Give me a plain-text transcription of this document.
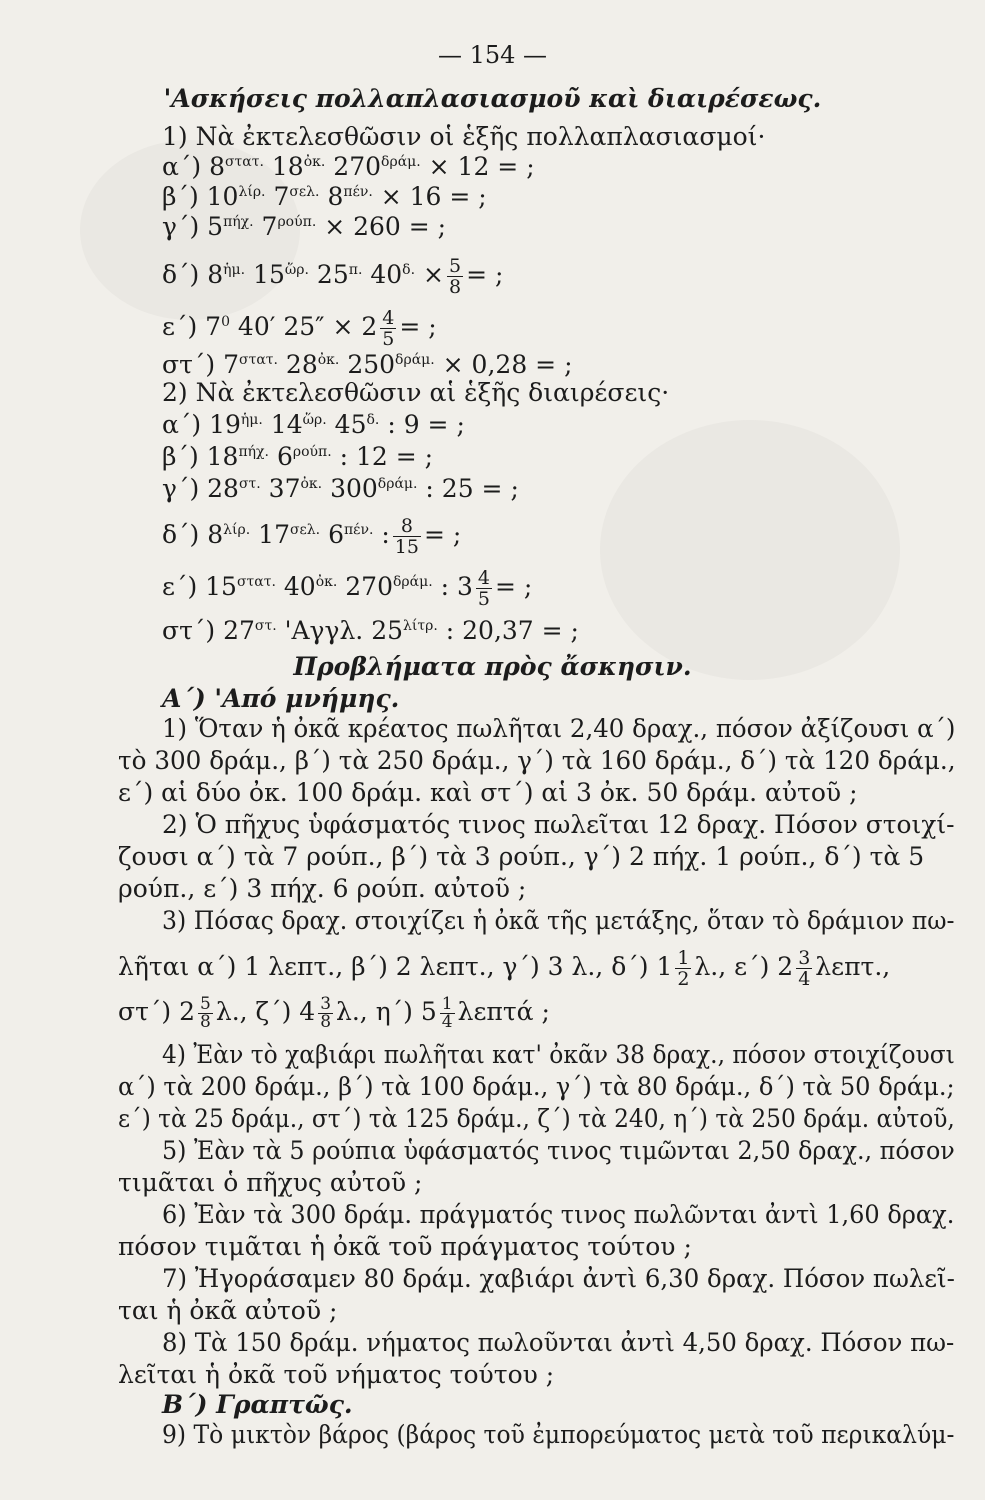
— 154 —
'Ασκήσεις πολλαπλασιασμοῦ καὶ διαιρέσεως.
1) Νὰ ἐκτελεσθῶσιν οἱ ἑξῆς πολλαπλασιασμοί·
α΄) $8^{\sigma\tau\alpha\tau.}$ $18^{ὀ\kappa.}$ $270^{\delta\rho ά\mu.} \times 12$ = ;
β΄) $10^{\lambda ί\rho.}$ $7^{\sigma\varepsilon\lambda.}$ $8^{\pi έ\nu.} \times 16$ = ;
γ΄) $5^{\pi ή\chi.}$ $7^{\rho oύ\pi.} \times 260$ = ;
δ΄) $8^{ἡ\mu.}$ $15^{ὥ\rho.}$ $25^{\pi.}$ $40^{\delta.} \times \frac{5}{8}$ = ;
ε΄) $7^0$ 40′ $25'' \times 2 \frac{4}{5}$ = ;
στ΄) $7^{\sigma\tau\alpha\tau.}$ $28^{ὀ\kappa.}$ $250^{\delta\rho ά\mu.} \times 0,28$ = ;
2) Νὰ ἐκτελεσθῶσιν αἱ ἑξῆς διαιρέσεις·
α΄) $19^{ἡ\mu.}$ $14^{ὥ\rho.}$ $45^{\delta.}$ : 9 = ;
β΄) $18^{\pi ή\chi.}$ $6^{\rho oύ\pi.}$ : 12 = ;
γ΄) $28^{\sigma\tau.}$ $37^{ὀ\kappa.}$ $300^{\delta\rho ά\mu.}$ : 25 = ;
δ΄) $8^{\lambda ί\rho.}$ $17^{\sigma\varepsilon\lambda.}$ $6^{\pi έ\nu.}$ : $\frac{8}{15}$ = ;
ε΄) $15^{\sigma\tau\alpha\tau.}$ $40^{ὀ\kappa.}$ $270^{\delta\rho ά\mu.}$ : $3 \frac{4}{5}$ = ;
στ΄) $27^{\sigma\tau.}$ 'Αγγλ. $25^{\lambda ί\tau\rho.}$ : 20,37 = ;
Προβλήματα πρὸς ἄσκησιν.
Α΄) 'Από μνήμης.
1) Ὅταν ἡ ὀκᾶ κρέατος πωλῆται 2,40 δραχ., πόσον ἀξίζουσι α΄)
τὸ 300 δράμ., β΄) τὰ 250 δράμ., γ΄) τὰ 160 δράμ., δ΄) τὰ 120 δράμ.,
ε΄) αἱ δύο ὀκ. 100 δράμ. καὶ στ΄) αἱ 3 ὀκ. 50 δράμ. αὐτοῦ ;
2) Ὁ πῆχυς ὑφάσματός τινος πωλεῖται 12 δραχ. Πόσον στοιχί-
ζουσι α΄) τὰ 7 ρούπ., β΄) τὰ 3 ρούπ., γ΄) 2 πήχ. 1 ρούπ., δ΄) τὰ 5
ρούπ., ε΄) 3 πήχ. 6 ρούπ. αὐτοῦ ;
3) Πόσας δραχ. στοιχίζει ἡ ὀκᾶ τῆς μετάξης, ὅταν τὸ δράμιον πω-
λῆται α΄) 1 λεπτ., β΄) 2 λεπτ., γ΄) 3 λ., δ΄) $1 \frac{1}{2} \lambda$., ε΄) $2 \frac{3}{4} \lambda\varepsilon\pi\tau$.,
στ΄) $2 \frac{5}{8} \lambda$., ζ΄) $4 \frac{3}{8} \lambda$., η΄) $5 \frac{1}{4}$ λεπτά ;
4) Ἐὰν τὸ χαβιάρι πωλῆται κατ' ὀκᾶν 38 δραχ., πόσον στοιχίζουσι
α΄) τὰ 200 δράμ., β΄) τὰ 100 δράμ., γ΄) τὰ 80 δράμ., δ΄) τὰ 50 δράμ.;
ε΄) τὰ 25 δράμ., στ΄) τὰ 125 δράμ., ζ΄) τὰ 240, η΄) τὰ 250 δράμ. αὐτοῦ,
5) Ἐὰν τὰ 5 ρούπια ὑφάσματός τινος τιμῶνται 2,50 δραχ., πόσον
τιμᾶται ὁ πῆχυς αὐτοῦ ;
6) Ἐὰν τὰ 300 δράμ. πράγματός τινος πωλῶνται ἀντὶ 1,60 δραχ.
πόσον τιμᾶται ἡ ὀκᾶ τοῦ πράγματος τούτου ;
7) Ἠγοράσαμεν 80 δράμ. χαβιάρι ἀντὶ 6,30 δραχ. Πόσον πωλεῖ-
ται ἡ ὀκᾶ αὐτοῦ ;
8) Τὰ 150 δράμ. νήματος πωλοῦνται ἀντὶ 4,50 δραχ. Πόσον πω-
λεῖται ἡ ὀκᾶ τοῦ νήματος τούτου ;
Β΄) Γραπτῶς.
9) Τὸ μικτὸν βάρος (βάρος τοῦ ἐμπορεύματος μετὰ τοῦ περικαλύμ-
